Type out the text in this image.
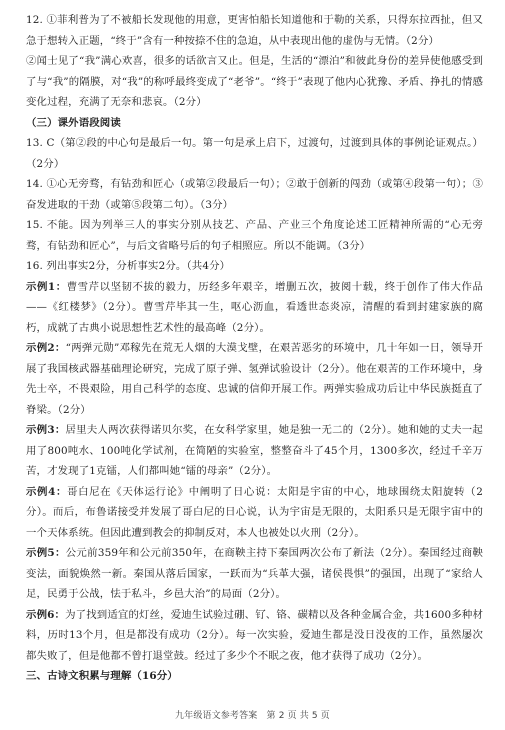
12. ①菲利普为了不被船长发现他的用意，更害怕船长知道他和于勒的关系，只得东拉西扯，但又急于想转入正题，“终于”含有一种按捺不住的急迫，从中表现出他的虚伪与无情。（2分）

②闻士见了“我”满心欢喜，很多的话欲言又止。但是，生活的“漂泊”和彼此身份的差异使他感受到了与“我”的隔膜，对“我”的称呼最终变成了“老爷”。“终于”表现了他内心犹豫、矛盾、挣扎的情感变化过程，充满了无奈和悲哀。（2分）

（三）课外语段阅读

13. C（第②段的中心句是最后一句。第一句是承上启下，过渡句，过渡到具体的事例论证观点。）（2分）

14. ①心无旁骛，有钻劲和匠心（或第②段最后一句）；②敢于创新的闯劲（或第④段第一句）；③奋发进取的干劲（或第⑤段第二句）。（3分）

15. 不能。因为列举三人的事实分别从技艺、产品、产业三个角度论述工匠精神所需的“心无旁骛，有钻劲和匠心”，与后文省略号后的句子相照应。所以不能调。（3分）

16. 列出事实2分，分析事实2分。（共4分）

示例1：曹雪芹以坚韧不拔的毅力，历经多年艰辛，增删五次，披阅十载，终于创作了伟大作品——《红楼梦》（2分）。曹雪芹毕其一生，呕心沥血，看透世态炎凉，清醒的看到封建家族的腐朽，成就了古典小说思想性艺术性的最高峰（2分）。

示例2：“两弹元勋”邓稼先在荒无人烟的大漠戈壁，在艰苦恶劣的环境中，几十年如一日，领导开展了我国核武器基础理论研究，完成了原子弹、氢弹试验设计（2分）。他在艰苦的工作环境中，身先士卒，不畏艰险，用自己科学的态度、忠诚的信仰开展工作。两弹实验成功后让中华民族挺直了脊梁。（2分）

示例3：居里夫人两次获得诺贝尔奖，在女科学家里，她是独一无二的（2分）。她和她的丈夫一起用了800吨水、100吨化学试剂，在简陋的实验室，整整奋斗了45个月，1300多次，经过千辛万苦，才发现了1克镭，人们都叫她“镭的母亲”（2分）。

示例4：哥白尼在《天体运行论》中阐明了日心说：太阳是宇宙的中心，地球围绕太阳旋转（2分）。而后，布鲁诺接受并发展了哥白尼的日心说，认为宇宙是无限的，太阳系只是无限宇宙中的一个天体系统。但因此遭到教会的抑制反对，本人也被处以火刑（2分）。

示例5：公元前359年和公元前350年，在商鞅主持下秦国两次公布了新法（2分）。秦国经过商鞅变法，面貌焕然一新。秦国从落后国家，一跃而为“兵革大强，诸侯畏惧”的强国，出现了“家给人足，民勇于公战，怯于私斗，乡邑大治”的局面（2分）。

示例6：为了找到适宜的灯丝，爱迪生试验过硼、钌、铬、碳精以及各种金属合金，共1600多种材料，历时13个月，但是都没有成功（2分）。每一次实验，爱迪生都是没日没夜的工作，虽然屡次都失败了，但是他都不曾打退堂鼓。经过了多少个不眠之夜，他才获得了成功（2分）。

三、古诗文积累与理解（16分）

九年级语文参考答案　第 2 页 共 5 页
